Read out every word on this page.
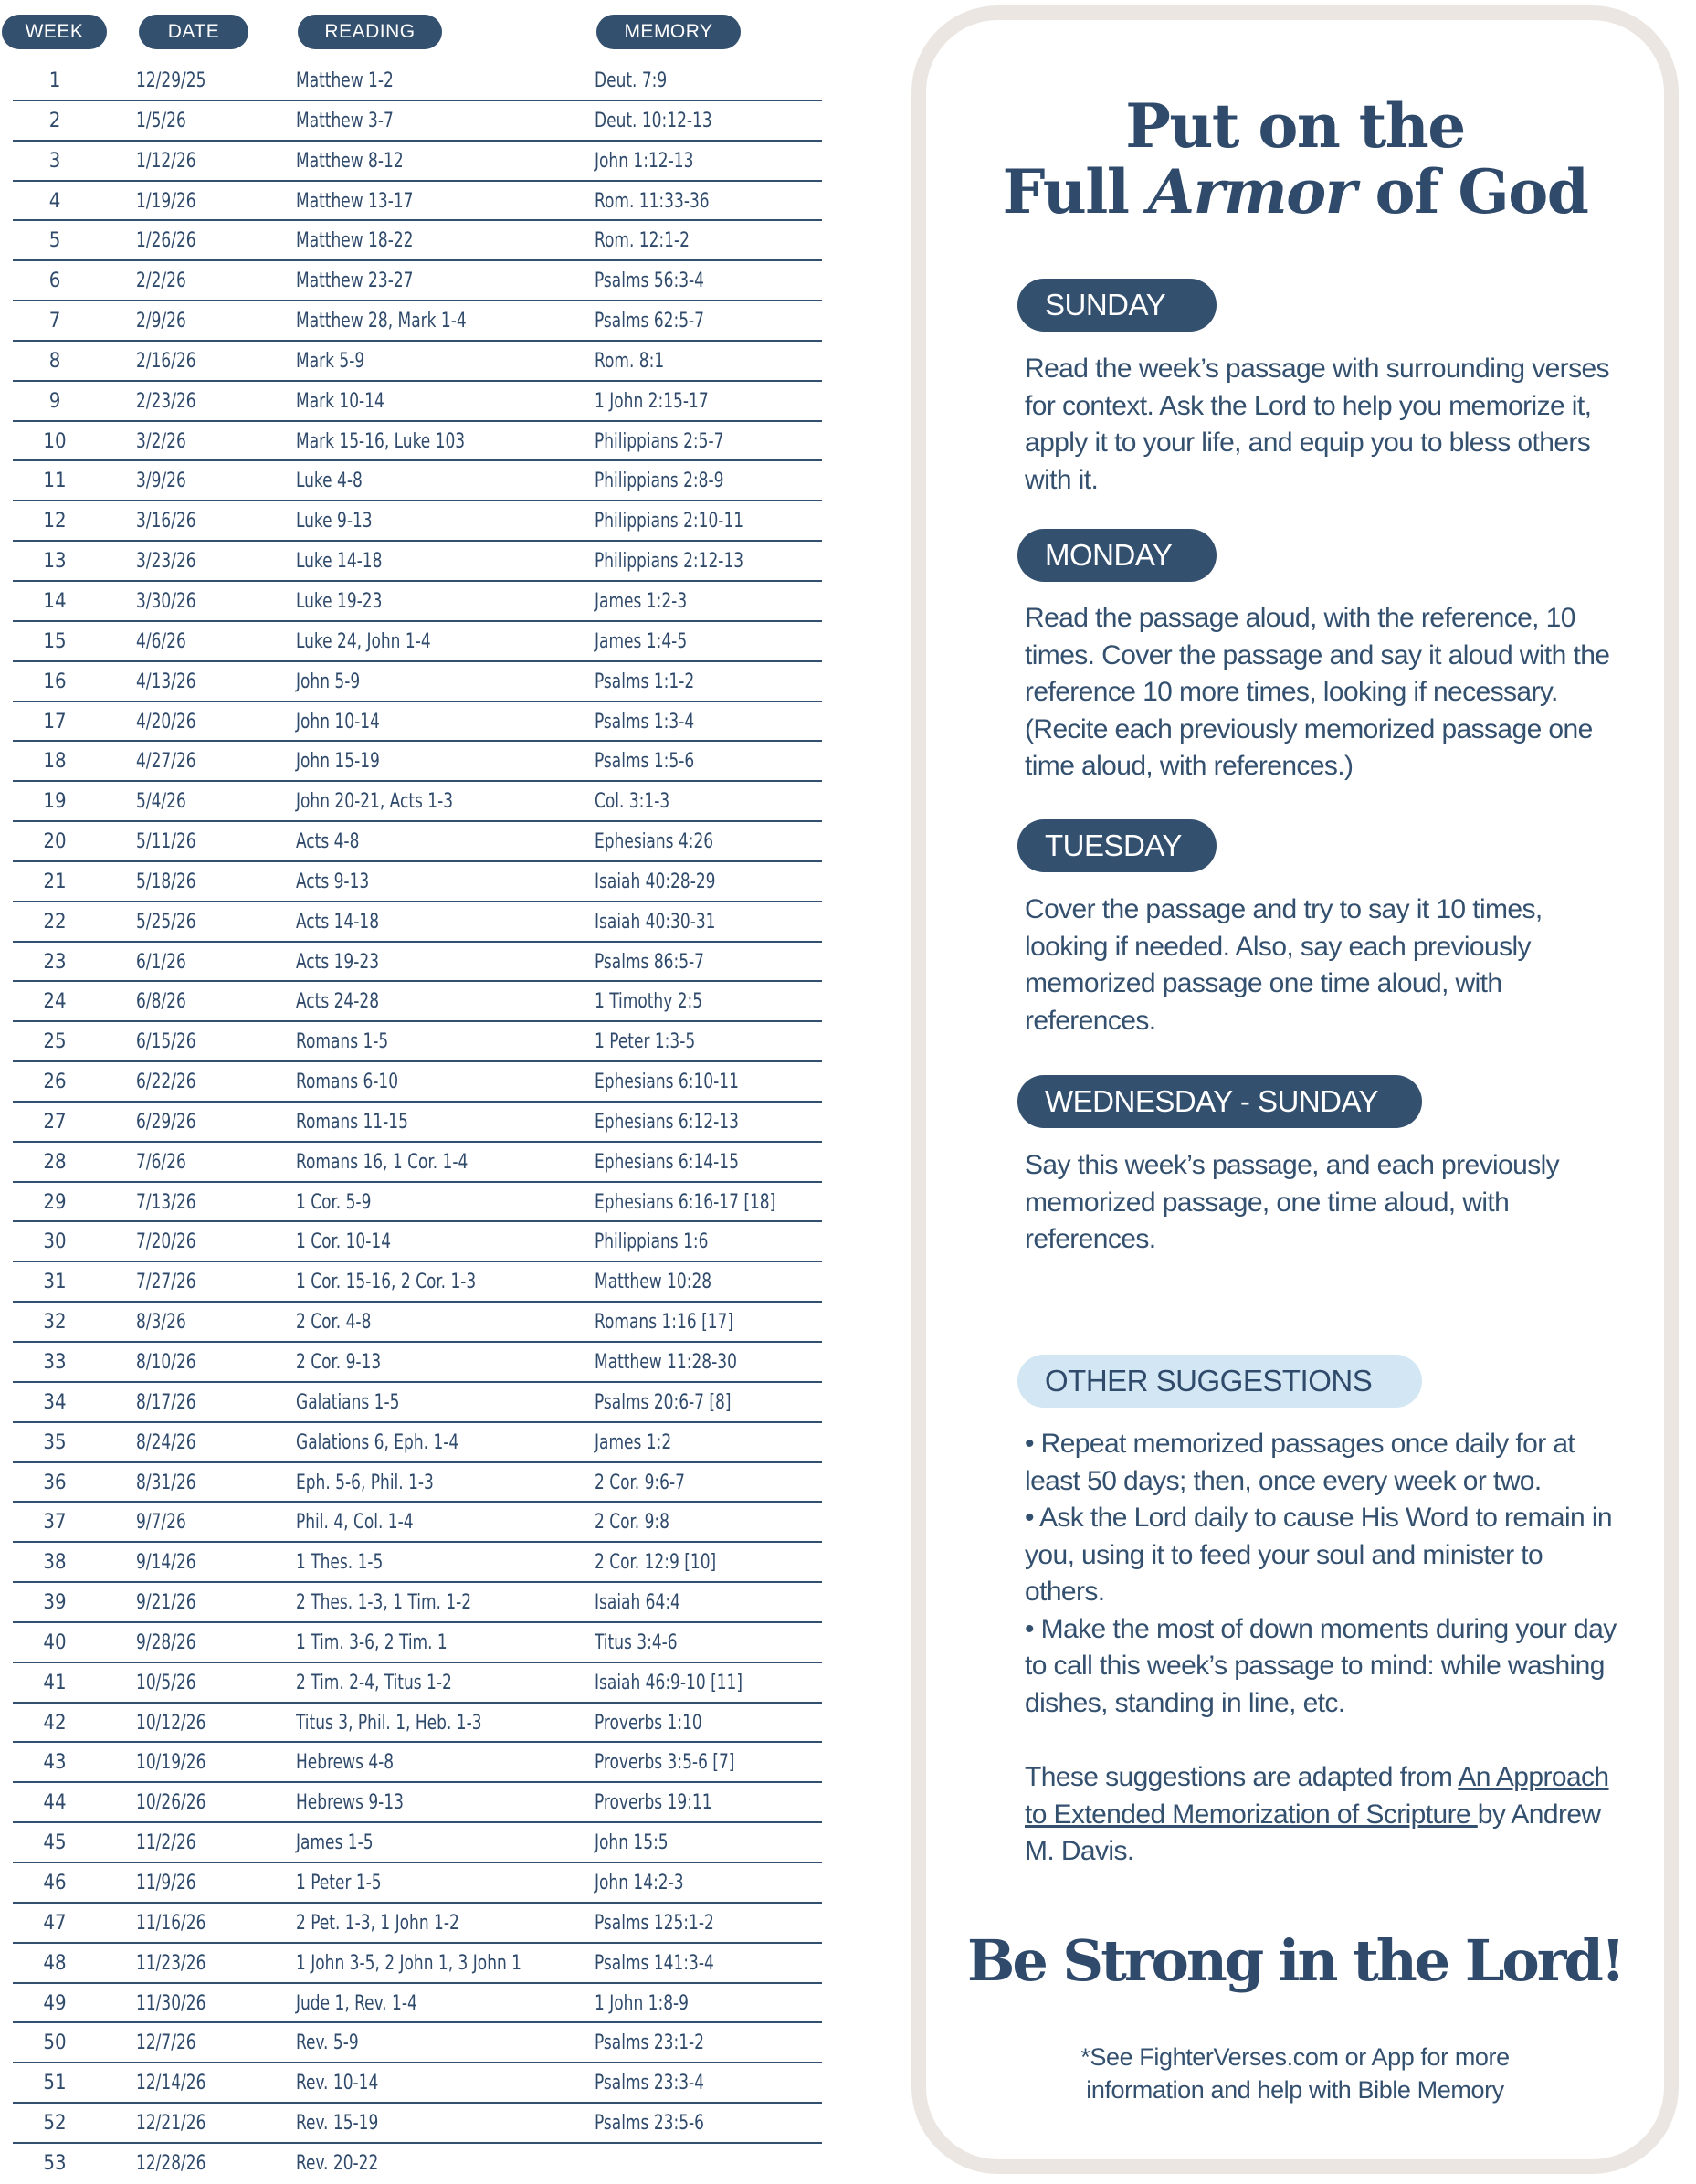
WEEK	DATE	READING	MEMORY
1	12/29/25	Matthew 1-2	Deut. 7:9
2	1/5/26	Matthew 3-7	Deut. 10:12-13
3	1/12/26	Matthew 8-12	John 1:12-13
4	1/19/26	Matthew 13-17	Rom. 11:33-36
5	1/26/26	Matthew 18-22	Rom. 12:1-2
6	2/2/26	Matthew 23-27	Psalms 56:3-4
7	2/9/26	Matthew 28, Mark 1-4	Psalms 62:5-7
8	2/16/26	Mark 5-9	Rom. 8:1
9	2/23/26	Mark 10-14	1 John 2:15-17
10	3/2/26	Mark 15-16, Luke 103	Philippians 2:5-7
11	3/9/26	Luke 4-8	Philippians 2:8-9
12	3/16/26	Luke 9-13	Philippians 2:10-11
13	3/23/26	Luke 14-18	Philippians 2:12-13
14	3/30/26	Luke 19-23	James 1:2-3
15	4/6/26	Luke 24, John 1-4	James 1:4-5
16	4/13/26	John 5-9	Psalms 1:1-2
17	4/20/26	John 10-14	Psalms 1:3-4
18	4/27/26	John 15-19	Psalms 1:5-6
19	5/4/26	John 20-21, Acts 1-3	Col. 3:1-3
20	5/11/26	Acts 4-8	Ephesians 4:26
21	5/18/26	Acts 9-13	Isaiah 40:28-29
22	5/25/26	Acts 14-18	Isaiah 40:30-31
23	6/1/26	Acts 19-23	Psalms 86:5-7
24	6/8/26	Acts 24-28	1 Timothy 2:5
25	6/15/26	Romans 1-5	1 Peter 1:3-5
26	6/22/26	Romans 6-10	Ephesians 6:10-11
27	6/29/26	Romans 11-15	Ephesians 6:12-13
28	7/6/26	Romans 16, 1 Cor. 1-4	Ephesians 6:14-15
29	7/13/26	1 Cor. 5-9	Ephesians 6:16-17 [18]
30	7/20/26	1 Cor. 10-14	Philippians 1:6
31	7/27/26	1 Cor. 15-16, 2 Cor. 1-3	Matthew 10:28
32	8/3/26	2 Cor. 4-8	Romans 1:16 [17]
33	8/10/26	2 Cor. 9-13	Matthew 11:28-30
34	8/17/26	Galatians 1-5	Psalms 20:6-7 [8]
35	8/24/26	Galations 6, Eph. 1-4	James 1:2
36	8/31/26	Eph. 5-6, Phil. 1-3	2 Cor. 9:6-7
37	9/7/26	Phil. 4, Col. 1-4	2 Cor. 9:8
38	9/14/26	1 Thes. 1-5	2 Cor. 12:9 [10]
39	9/21/26	2 Thes. 1-3, 1 Tim. 1-2	Isaiah 64:4
40	9/28/26	1 Tim. 3-6, 2 Tim. 1	Titus 3:4-6
41	10/5/26	2 Tim. 2-4, Titus 1-2	Isaiah 46:9-10 [11]
42	10/12/26	Titus 3, Phil. 1, Heb. 1-3	Proverbs 1:10
43	10/19/26	Hebrews 4-8	Proverbs 3:5-6 [7]
44	10/26/26	Hebrews 9-13	Proverbs 19:11
45	11/2/26	James 1-5	John 15:5
46	11/9/26	1 Peter 1-5	John 14:2-3
47	11/16/26	2 Pet. 1-3, 1 John 1-2	Psalms 125:1-2
48	11/23/26	1 John 3-5, 2 John 1, 3 John 1	Psalms 141:3-4
49	11/30/26	Jude 1, Rev. 1-4	1 John 1:8-9
50	12/7/26	Rev. 5-9	Psalms 23:1-2
51	12/14/26	Rev. 10-14	Psalms 23:3-4
52	12/21/26	Rev. 15-19	Psalms 23:5-6
53	12/28/26	Rev. 20-22
Put on the
Full Armor of God
SUNDAY
Read the week’s passage with surrounding verses for context. Ask the Lord to help you memorize it, apply it to your life, and equip you to bless others with it.
MONDAY
Read the passage aloud, with the reference, 10 times. Cover the passage and say it aloud with the reference 10 more times, looking if necessary. (Recite each previously memorized passage one time aloud, with references.)
TUESDAY
Cover the passage and try to say it 10 times, looking if needed. Also, say each previously memorized passage one time aloud, with references.
WEDNESDAY - SUNDAY
Say this week’s passage, and each previously memorized passage, one time aloud, with references.
OTHER SUGGESTIONS
• Repeat memorized passages once daily for at least 50 days; then, once every week or two.
• Ask the Lord daily to cause His Word to remain in you, using it to feed your soul and minister to others.
• Make the most of down moments during your day to call this week’s passage to mind: while washing dishes, standing in line, etc.
These suggestions are adapted from An Approach to Extended Memorization of Scripture by Andrew M. Davis.
Be Strong in the Lord!
*See FighterVerses.com or App for more information and help with Bible Memory
